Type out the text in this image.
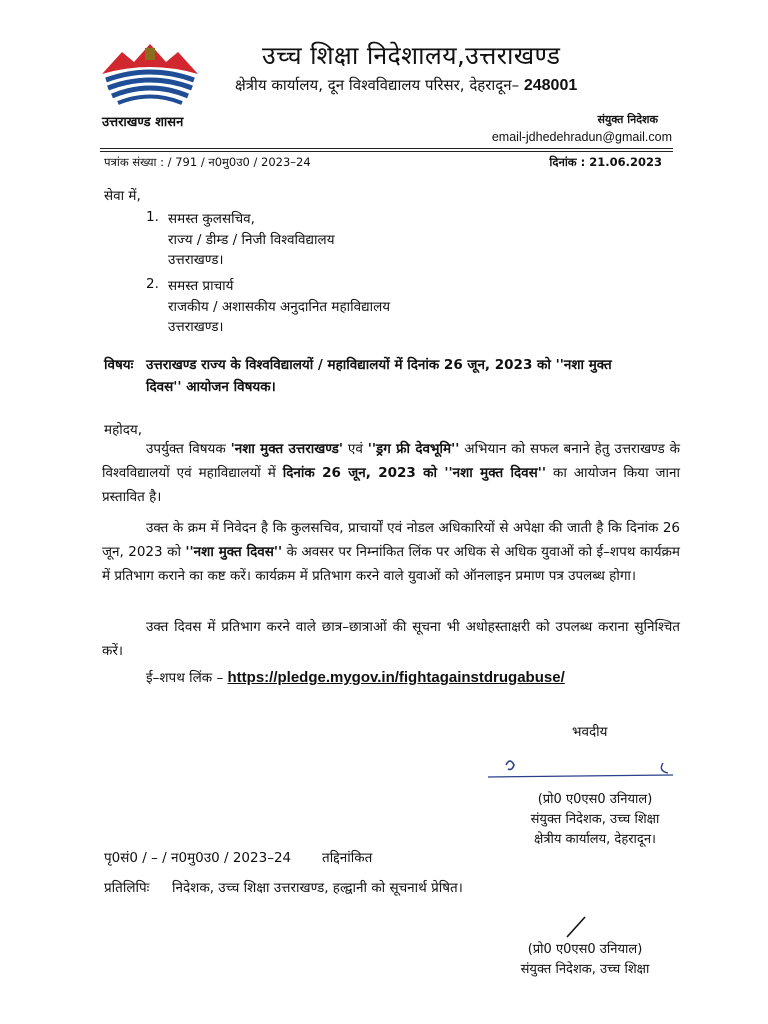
उच्च शिक्षा निदेशालय,उत्तराखण्ड
क्षेत्रीय कार्यालय, दून विश्वविद्यालय परिसर, देहरादून– 248001
उत्तराखण्ड शासन	संयुक्त निदेशक
email-jdhedehradun@gmail.com
पत्रांक संख्या : / 791 / न0मु0उ0 / 2023–24	दिनांक : 21.06.2023
सेवा में,
1. समस्त कुलसचिव,
राज्य / डीम्ड / निजी विश्वविद्यालय
उत्तराखण्ड।
2. समस्त प्राचार्य
राजकीय / अशासकीय अनुदानित महाविद्यालय
उत्तराखण्ड।
विषयः उत्तराखण्ड राज्य के विश्वविद्यालयों / महाविद्यालयों में दिनांक 26 जून, 2023 को ''नशा मुक्त
दिवस'' आयोजन विषयक।
महोदय,
उपर्युक्त विषयक 'नशा मुक्त उत्तराखण्ड' एवं ''ड्रग फ्री देवभूमि'' अभियान को सफल बनाने हेतु उत्तराखण्ड के विश्वविद्यालयों एवं महाविद्यालयों में दिनांक 26 जून, 2023 को ''नशा मुक्त दिवस'' का आयोजन किया जाना प्रस्तावित है।
उक्त के क्रम में निवेदन है कि कुलसचिव, प्राचार्यों एवं नोडल अधिकारियों से अपेक्षा की जाती है कि दिनांक 26 जून, 2023 को ''नशा मुक्त दिवस'' के अवसर पर निम्नांकित लिंक पर अधिक से अधिक युवाओं को ई–शपथ कार्यक्रम में प्रतिभाग कराने का कष्ट करें। कार्यक्रम में प्रतिभाग करने वाले युवाओं को ऑनलाइन प्रमाण पत्र उपलब्ध होगा।
उक्त दिवस में प्रतिभाग करने वाले छात्र–छात्राओं की सूचना भी अधोहस्ताक्षरी को उपलब्ध कराना सुनिश्चित करें।
ई–शपथ लिंक – https://pledge.mygov.in/fightagainstdrugabuse/
भवदीय
(प्रो0 ए0एस0 उनियाल)
संयुक्त निदेशक, उच्च शिक्षा
क्षेत्रीय कार्यालय, देहरादून।
पृ0सं0 / – / न0मु0उ0 / 2023–24 तद्दिनांकित
प्रतिलिपिः निदेशक, उच्च शिक्षा उत्तराखण्ड, हल्द्वानी को सूचनार्थ प्रेषित।
(प्रो0 ए0एस0 उनियाल)
संयुक्त निदेशक, उच्च शिक्षा
